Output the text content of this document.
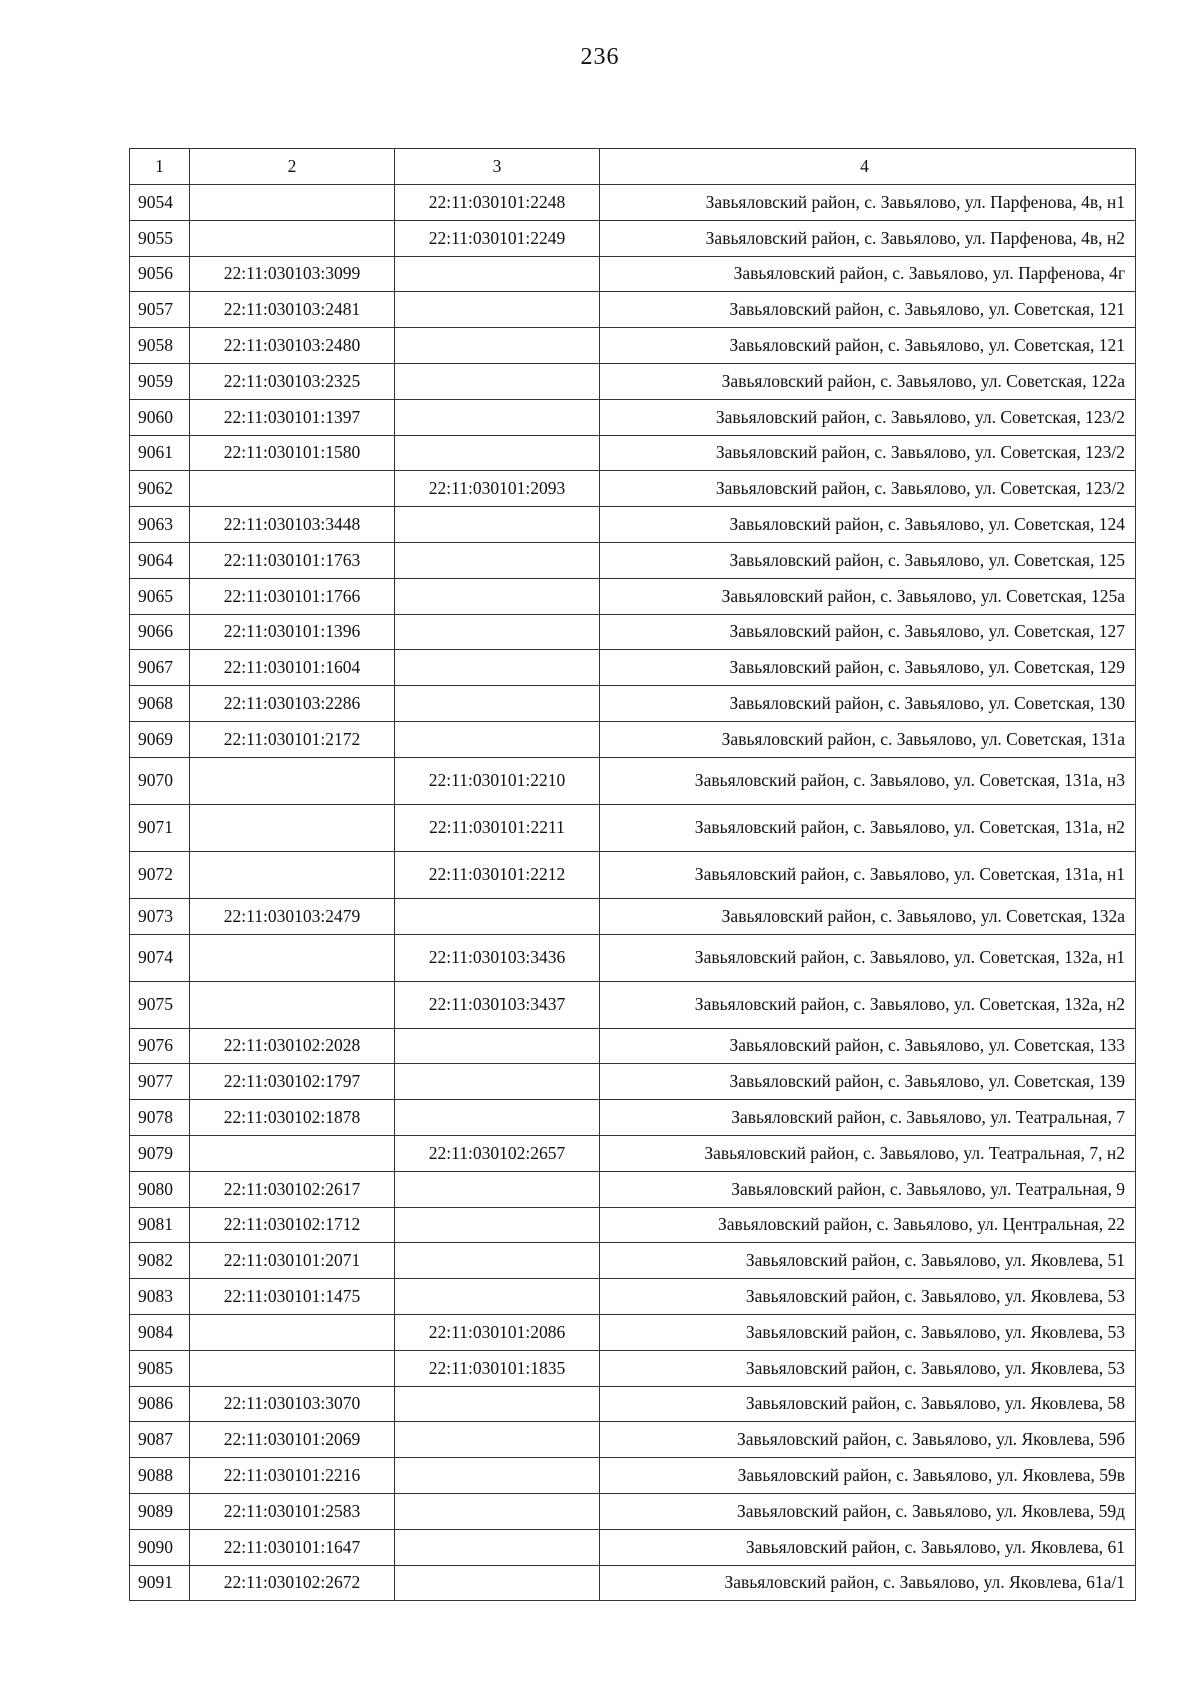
236
1	2	3	4
9054		22:11:030101:2248	Завьяловский район, с. Завьялово, ул. Парфенова, 4в, н1
9055		22:11:030101:2249	Завьяловский район, с. Завьялово, ул. Парфенова, 4в, н2
9056	22:11:030103:3099		Завьяловский район, с. Завьялово, ул. Парфенова, 4г
9057	22:11:030103:2481		Завьяловский район, с. Завьялово, ул. Советская, 121
9058	22:11:030103:2480		Завьяловский район, с. Завьялово, ул. Советская, 121
9059	22:11:030103:2325		Завьяловский район, с. Завьялово, ул. Советская, 122а
9060	22:11:030101:1397		Завьяловский район, с. Завьялово, ул. Советская, 123/2
9061	22:11:030101:1580		Завьяловский район, с. Завьялово, ул. Советская, 123/2
9062		22:11:030101:2093	Завьяловский район, с. Завьялово, ул. Советская, 123/2
9063	22:11:030103:3448		Завьяловский район, с. Завьялово, ул. Советская, 124
9064	22:11:030101:1763		Завьяловский район, с. Завьялово, ул. Советская, 125
9065	22:11:030101:1766		Завьяловский район, с. Завьялово, ул. Советская, 125а
9066	22:11:030101:1396		Завьяловский район, с. Завьялово, ул. Советская, 127
9067	22:11:030101:1604		Завьяловский район, с. Завьялово, ул. Советская, 129
9068	22:11:030103:2286		Завьяловский район, с. Завьялово, ул. Советская, 130
9069	22:11:030101:2172		Завьяловский район, с. Завьялово, ул. Советская, 131а
9070		22:11:030101:2210	Завьяловский район, с. Завьялово, ул. Советская, 131а, н3
9071		22:11:030101:2211	Завьяловский район, с. Завьялово, ул. Советская, 131а, н2
9072		22:11:030101:2212	Завьяловский район, с. Завьялово, ул. Советская, 131а, н1
9073	22:11:030103:2479		Завьяловский район, с. Завьялово, ул. Советская, 132а
9074		22:11:030103:3436	Завьяловский район, с. Завьялово, ул. Советская, 132а, н1
9075		22:11:030103:3437	Завьяловский район, с. Завьялово, ул. Советская, 132а, н2
9076	22:11:030102:2028		Завьяловский район, с. Завьялово, ул. Советская, 133
9077	22:11:030102:1797		Завьяловский район, с. Завьялово, ул. Советская, 139
9078	22:11:030102:1878		Завьяловский район, с. Завьялово, ул. Театральная, 7
9079		22:11:030102:2657	Завьяловский район, с. Завьялово, ул. Театральная, 7, н2
9080	22:11:030102:2617		Завьяловский район, с. Завьялово, ул. Театральная, 9
9081	22:11:030102:1712		Завьяловский район, с. Завьялово, ул. Центральная, 22
9082	22:11:030101:2071		Завьяловский район, с. Завьялово, ул. Яковлева, 51
9083	22:11:030101:1475		Завьяловский район, с. Завьялово, ул. Яковлева, 53
9084		22:11:030101:2086	Завьяловский район, с. Завьялово, ул. Яковлева, 53
9085		22:11:030101:1835	Завьяловский район, с. Завьялово, ул. Яковлева, 53
9086	22:11:030103:3070		Завьяловский район, с. Завьялово, ул. Яковлева, 58
9087	22:11:030101:2069		Завьяловский район, с. Завьялово, ул. Яковлева, 59б
9088	22:11:030101:2216		Завьяловский район, с. Завьялово, ул. Яковлева, 59в
9089	22:11:030101:2583		Завьяловский район, с. Завьялово, ул. Яковлева, 59д
9090	22:11:030101:1647		Завьяловский район, с. Завьялово, ул. Яковлева, 61
9091	22:11:030102:2672		Завьяловский район, с. Завьялово, ул. Яковлева, 61а/1
